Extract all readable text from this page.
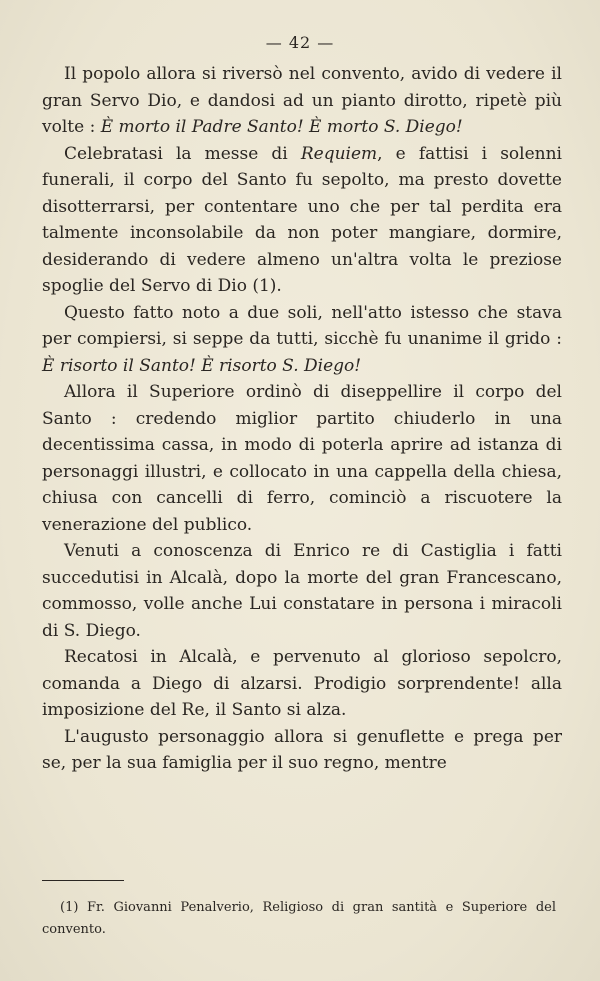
— 42 —

Il popolo allora si riversò nel convento, avido di vedere il gran Servo Dio, e dandosi ad un pianto dirotto, ripetè più volte : È morto il Padre Santo! È morto S. Diego!

Celebratasi la messe di Requiem, e fattisi i solenni funerali, il corpo del Santo fu sepolto, ma presto dovette disotterrarsi, per contentare uno che per tal perdita era talmente inconsolabile da non poter mangiare, dormire, desiderando di vedere almeno un'altra volta le preziose spoglie del Servo di Dio (1).

Questo fatto noto a due soli, nell'atto istesso che stava per compiersi, si seppe da tutti, sicchè fu unanime il grido : È risorto il Santo! È risorto S. Diego!

Allora il Superiore ordinò di diseppellire il corpo del Santo : credendo miglior partito chiuderlo in una decentissima cassa, in modo di poterla aprire ad istanza di personaggi illustri, e collocato in una cappella della chiesa, chiusa con cancelli di ferro, cominciò a riscuotere la venerazione del publico.

Venuti a conoscenza di Enrico re di Castiglia i fatti succedutisi in Alcalà, dopo la morte del gran Francescano, commosso, volle anche Lui constatare in persona i miracoli di S. Diego.

Recatosi in Alcalà, e pervenuto al glorioso sepolcro, comanda a Diego di alzarsi. Prodigio sorprendente! alla imposizione del Re, il Santo si alza.

L'augusto personaggio allora si genuflette e prega per se, per la sua famiglia per il suo regno, mentre

(1) Fr. Giovanni Penalverio, Religioso di gran santità e Superiore del convento.
